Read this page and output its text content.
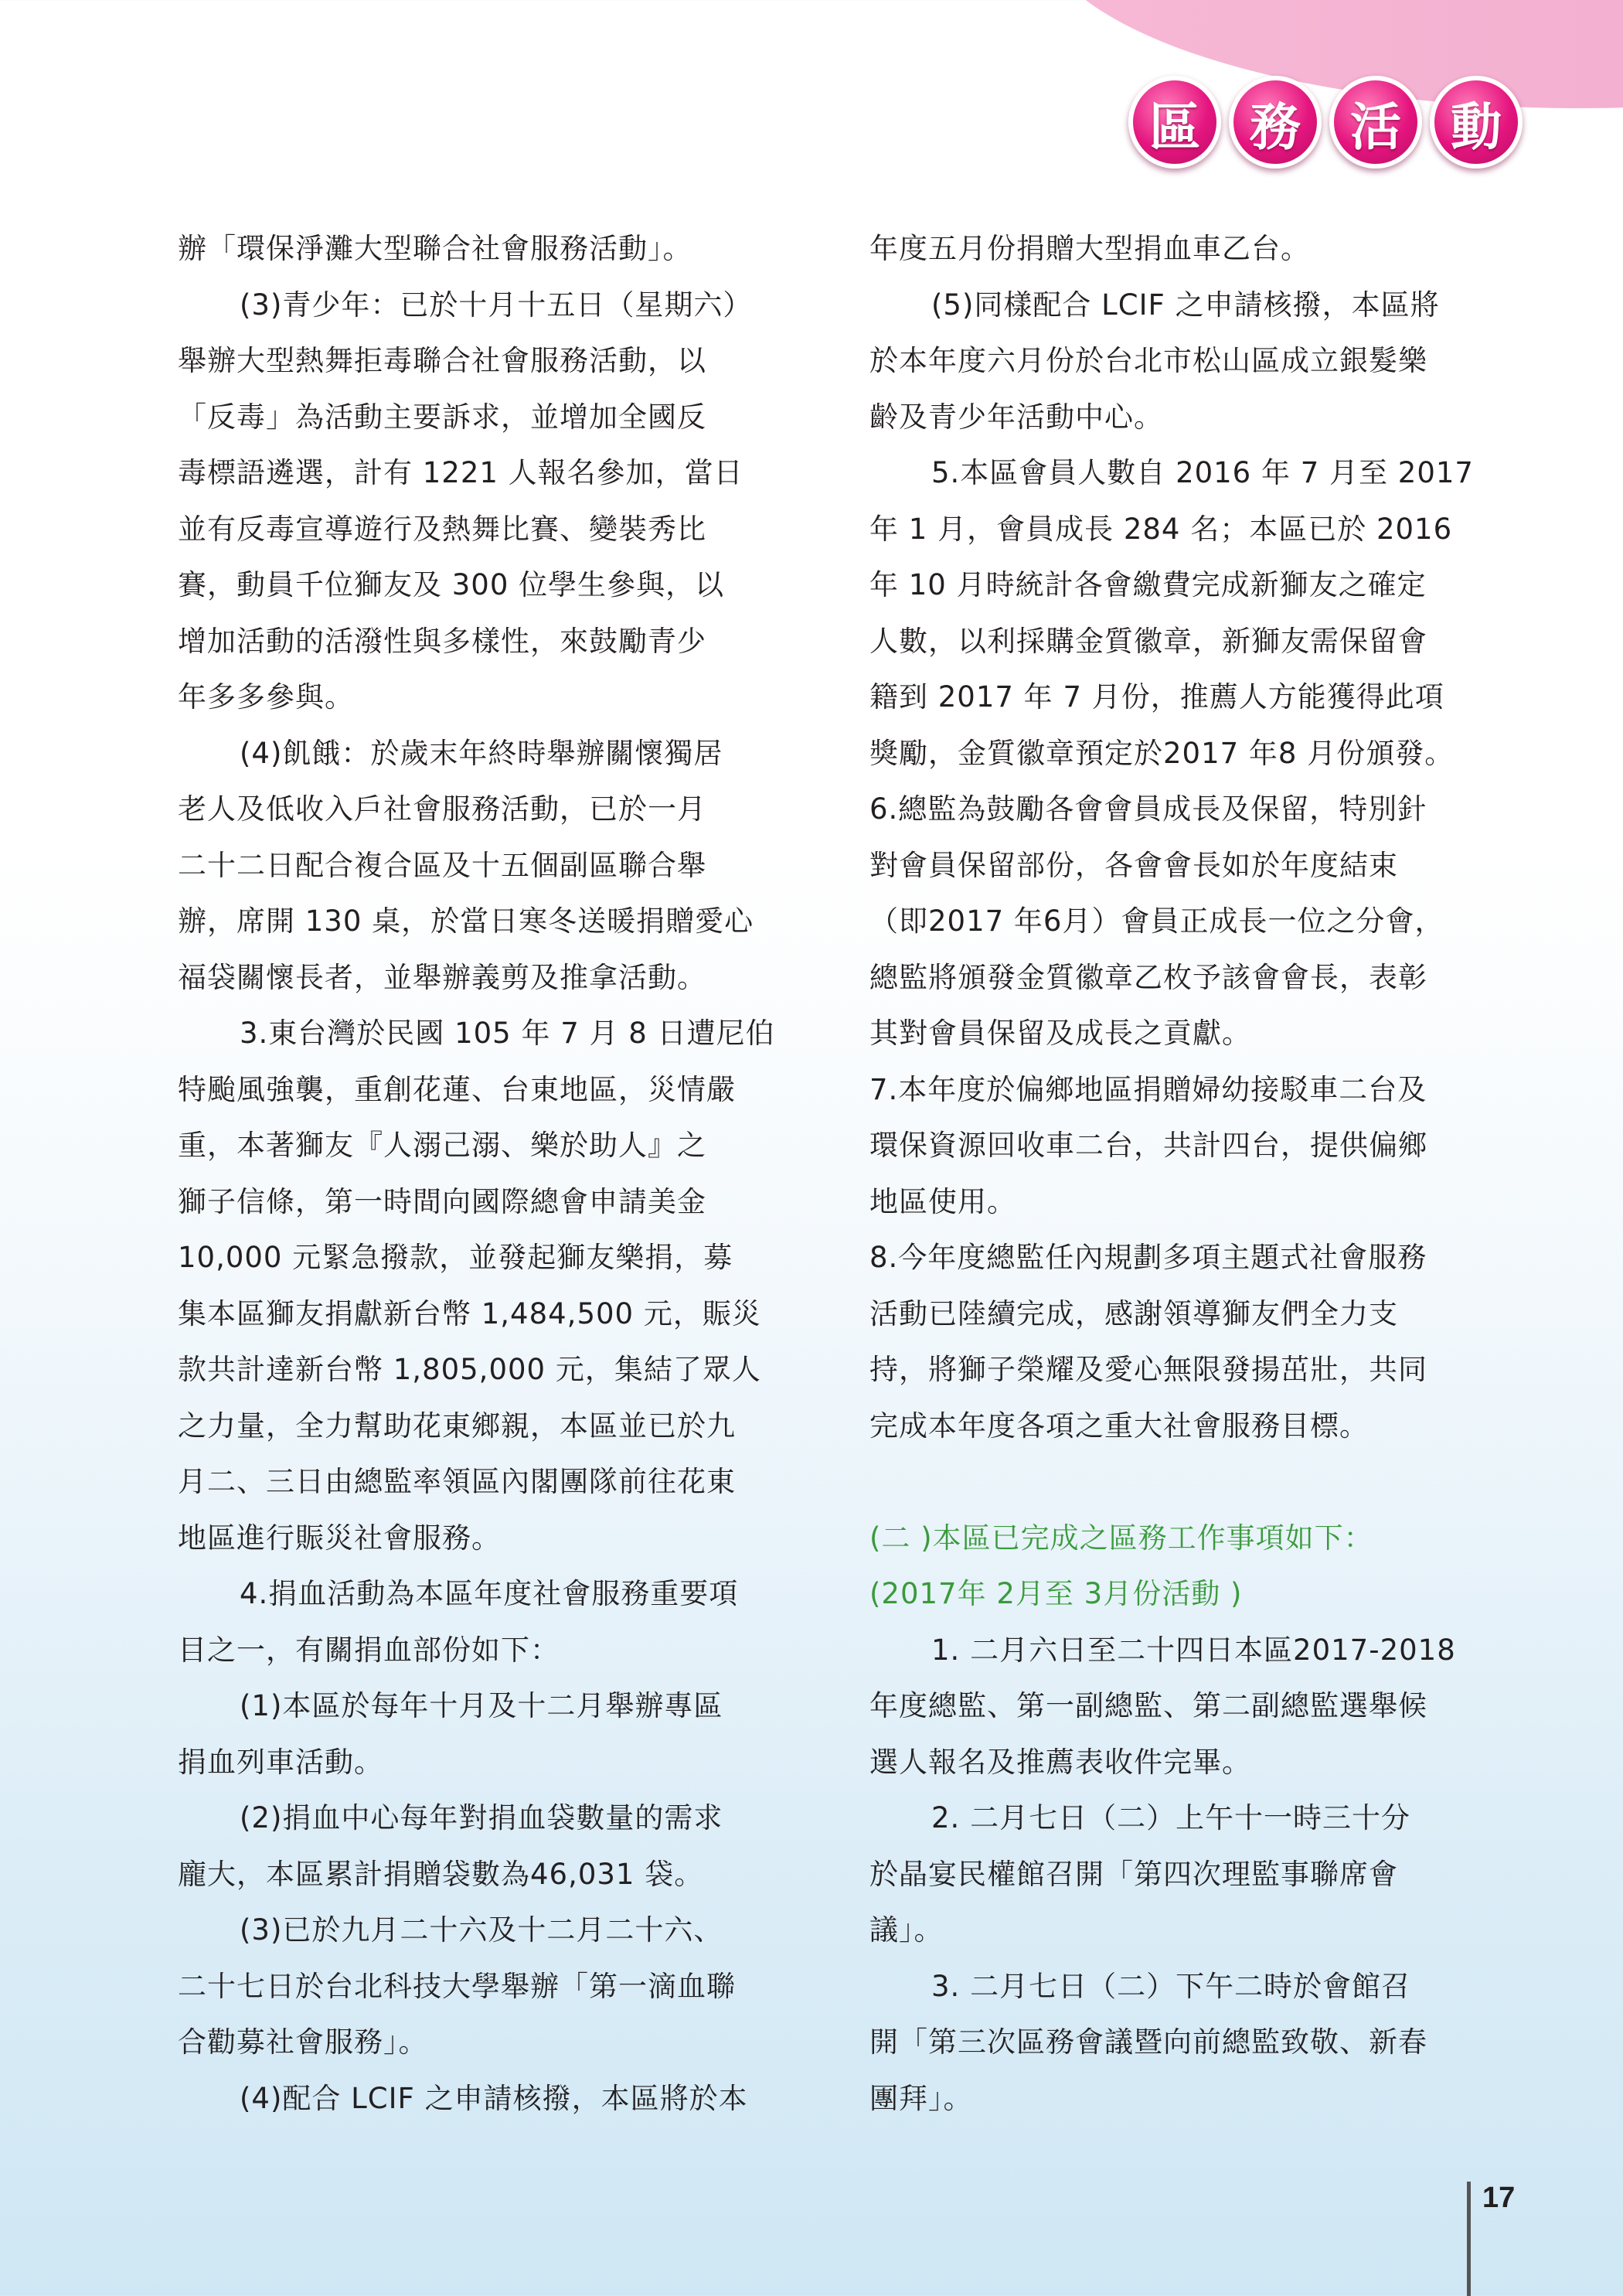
區 務 活 動
辦「環保淨灘大型聯合社會服務活動」。
(3)青少年：已於十月十五日（星期六）
舉辦大型熱舞拒毒聯合社會服務活動，以
「反毒」為活動主要訴求，並增加全國反
毒標語遴選，計有 1221 人報名參加，當日
並有反毒宣導遊行及熱舞比賽、變裝秀比
賽，動員千位獅友及 300 位學生參與，以
增加活動的活潑性與多樣性，來鼓勵青少
年多多參與。
(4)飢餓：於歲末年終時舉辦關懷獨居
老人及低收入戶社會服務活動，已於一月
二十二日配合複合區及十五個副區聯合舉
辦，席開 130 桌，於當日寒冬送暖捐贈愛心
福袋關懷長者，並舉辦義剪及推拿活動。
3.東台灣於民國 105 年 7 月 8 日遭尼伯
特颱風強襲，重創花蓮、台東地區，災情嚴
重，本著獅友『人溺己溺、樂於助人』之
獅子信條，第一時間向國際總會申請美金
10,000 元緊急撥款，並發起獅友樂捐，募
集本區獅友捐獻新台幣 1,484,500 元，賑災
款共計達新台幣 1,805,000 元，集結了眾人
之力量，全力幫助花東鄉親，本區並已於九
月二、三日由總監率領區內閣團隊前往花東
地區進行賑災社會服務。
4.捐血活動為本區年度社會服務重要項
目之一，有關捐血部份如下：
(1)本區於每年十月及十二月舉辦專區
捐血列車活動。
(2)捐血中心每年對捐血袋數量的需求
龐大，本區累計捐贈袋數為46,031 袋。
(3)已於九月二十六及十二月二十六、
二十七日於台北科技大學舉辦「第一滴血聯
合勸募社會服務」。
(4)配合 LCIF 之申請核撥，本區將於本
年度五月份捐贈大型捐血車乙台。
(5)同樣配合 LCIF 之申請核撥，本區將
於本年度六月份於台北市松山區成立銀髮樂
齡及青少年活動中心。
5.本區會員人數自 2016 年 7 月至 2017
年 1 月，會員成長 284 名；本區已於 2016
年 10 月時統計各會繳費完成新獅友之確定
人數，以利採購金質徽章，新獅友需保留會
籍到 2017 年 7 月份，推薦人方能獲得此項
獎勵，金質徽章預定於2017 年8 月份頒發。
6.總監為鼓勵各會會員成長及保留，特別針
對會員保留部份，各會會長如於年度結束
（即2017 年6月）會員正成長一位之分會，
總監將頒發金質徽章乙枚予該會會長，表彰
其對會員保留及成長之貢獻。
7.本年度於偏鄉地區捐贈婦幼接駁車二台及
環保資源回收車二台，共計四台，提供偏鄉
地區使用。
8.今年度總監任內規劃多項主題式社會服務
活動已陸續完成，感謝領導獅友們全力支
持，將獅子榮耀及愛心無限發揚茁壯，共同
完成本年度各項之重大社會服務目標。
(二 )本區已完成之區務工作事項如下：
(2017年 2月至 3月份活動 )
1. 二月六日至二十四日本區2017-2018
年度總監、第一副總監、第二副總監選舉候
選人報名及推薦表收件完畢。
2. 二月七日（二）上午十一時三十分
於晶宴民權館召開「第四次理監事聯席會
議」。
3. 二月七日（二）下午二時於會館召
開「第三次區務會議暨向前總監致敬、新春
團拜」。
17
